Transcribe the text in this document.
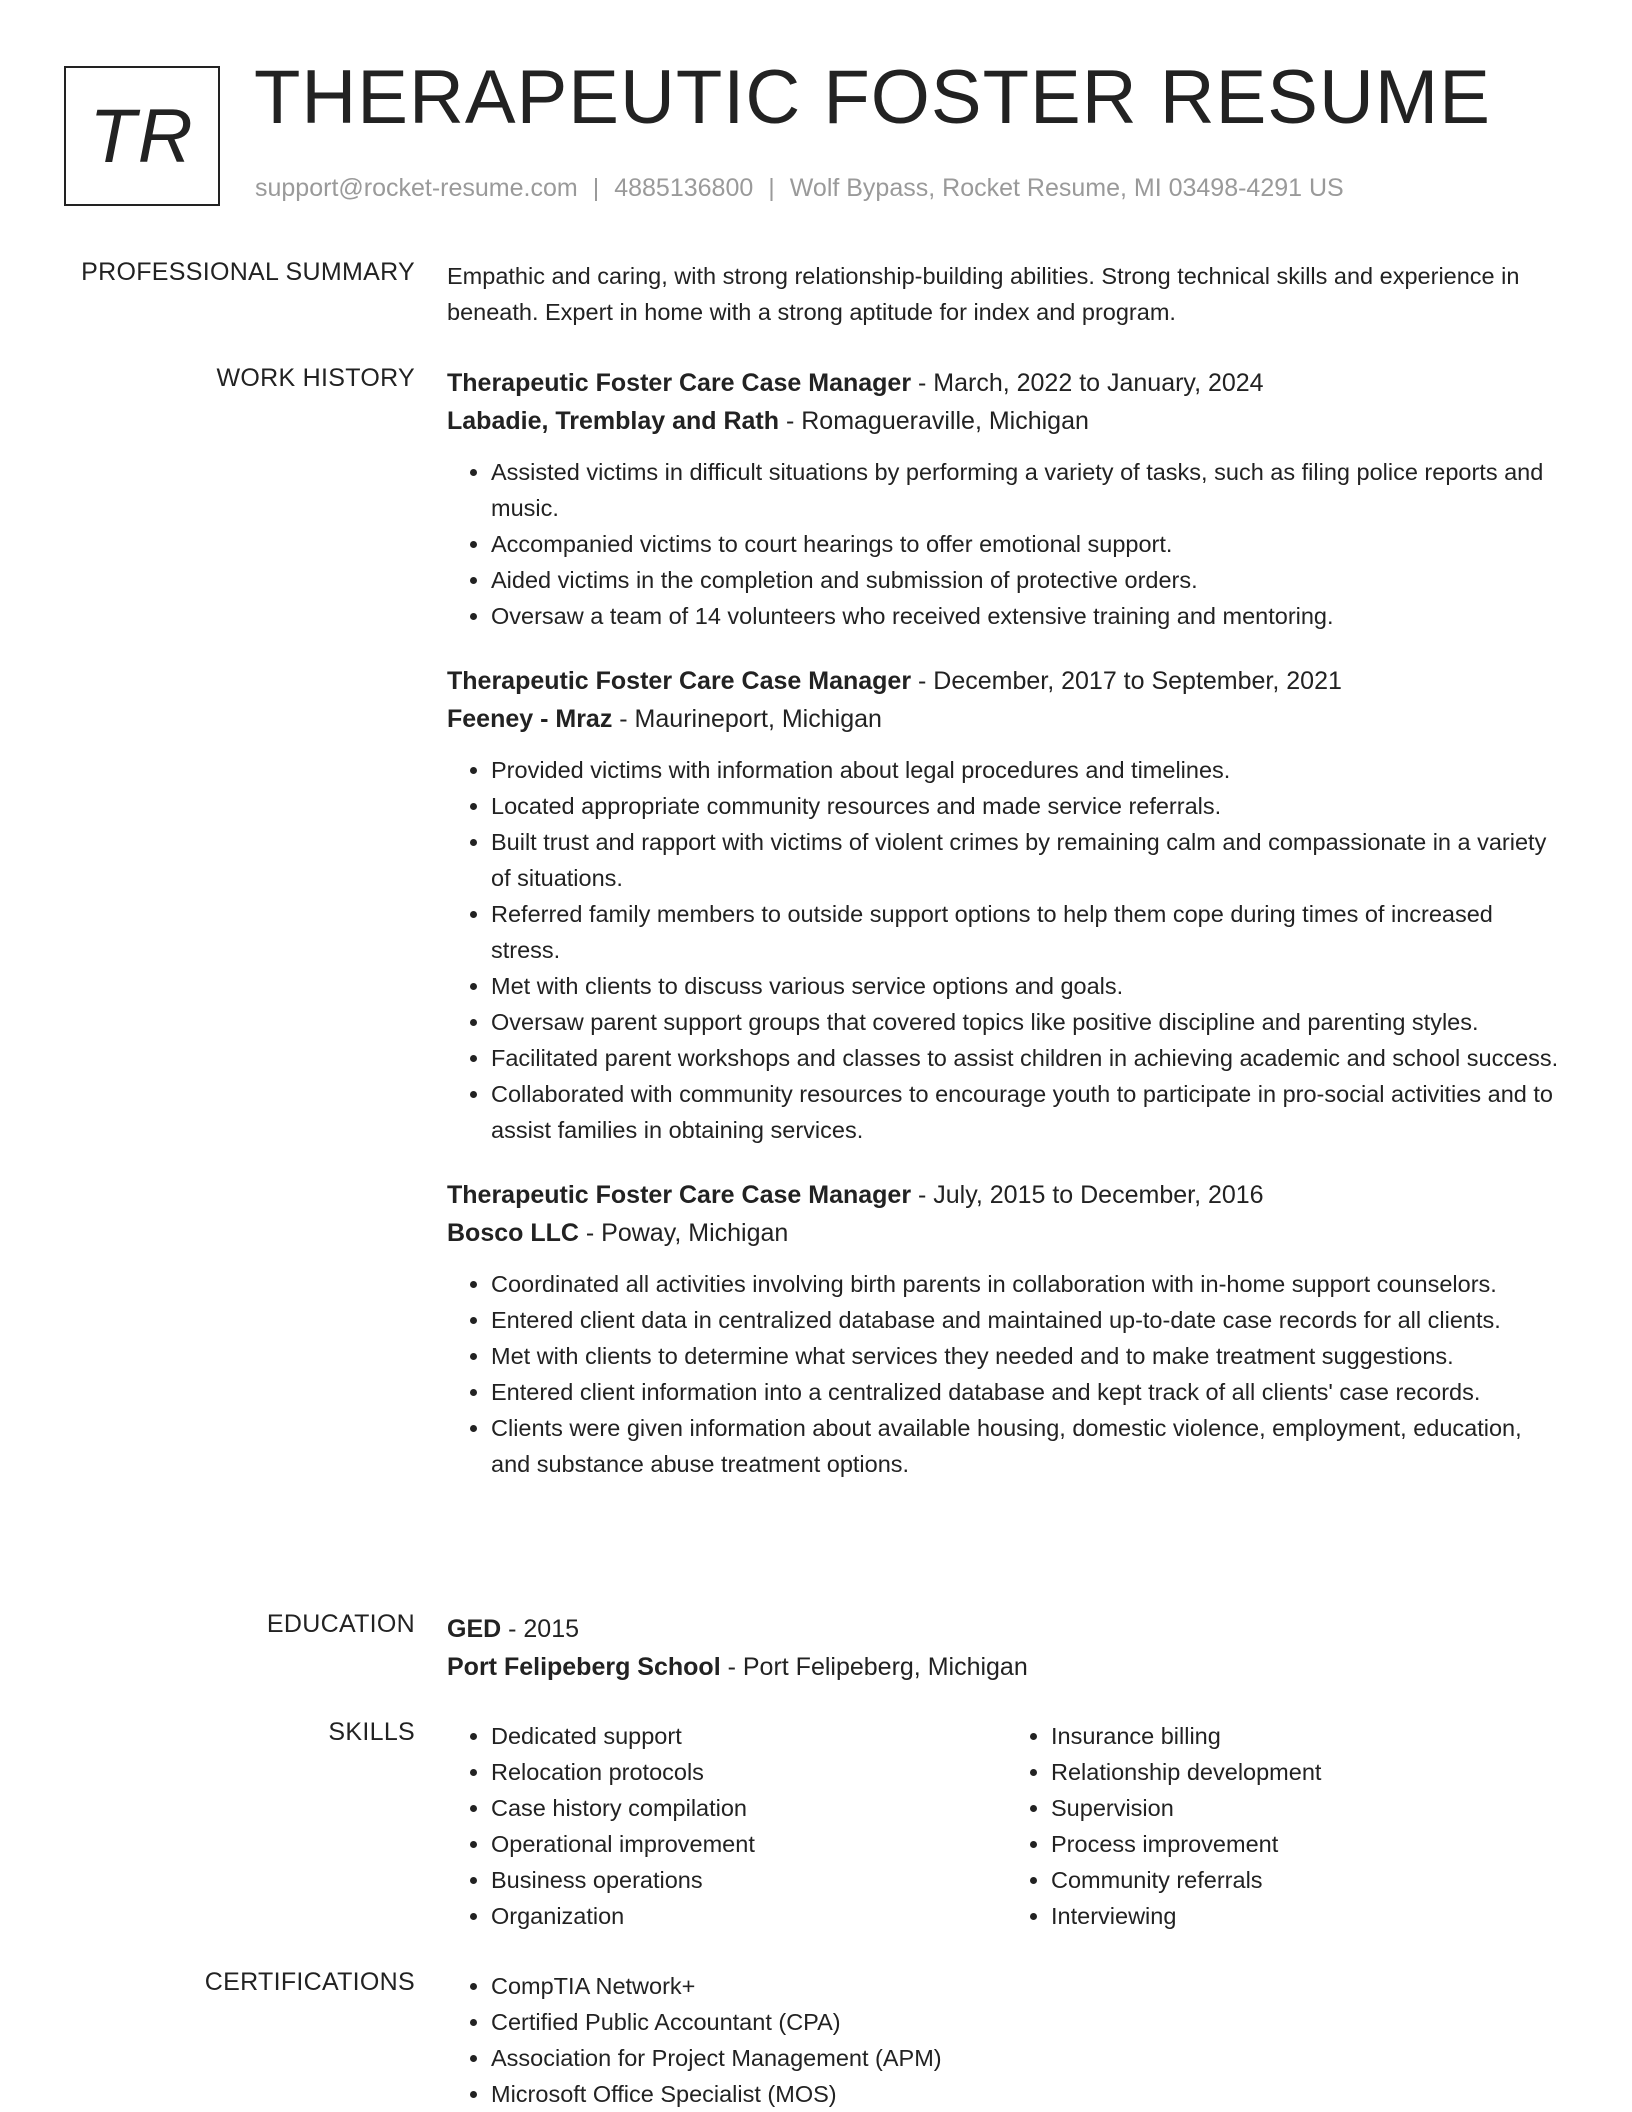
TR THERAPEUTIC FOSTER RESUME
support@rocket-resume.com | 4885136800 | Wolf Bypass, Rocket Resume, MI 03498-4291 US
PROFESSIONAL SUMMARY Empathic and caring, with strong relationship-building abilities. Strong technical skills and experience in beneath. Expert in home with a strong aptitude for index and program.
WORK HISTORY Therapeutic Foster Care Case Manager - March, 2022 to January, 2024
Labadie, Tremblay and Rath - Romagueraville, Michigan
• Assisted victims in difficult situations by performing a variety of tasks, such as filing police reports and music.
• Accompanied victims to court hearings to offer emotional support.
• Aided victims in the completion and submission of protective orders.
• Oversaw a team of 14 volunteers who received extensive training and mentoring.
Therapeutic Foster Care Case Manager - December, 2017 to September, 2021
Feeney - Mraz - Maurineport, Michigan
• Provided victims with information about legal procedures and timelines.
• Located appropriate community resources and made service referrals.
• Built trust and rapport with victims of violent crimes by remaining calm and compassionate in a variety of situations.
• Referred family members to outside support options to help them cope during times of increased stress.
• Met with clients to discuss various service options and goals.
• Oversaw parent support groups that covered topics like positive discipline and parenting styles.
• Facilitated parent workshops and classes to assist children in achieving academic and school success.
• Collaborated with community resources to encourage youth to participate in pro-social activities and to assist families in obtaining services.
Therapeutic Foster Care Case Manager - July, 2015 to December, 2016
Bosco LLC - Poway, Michigan
• Coordinated all activities involving birth parents in collaboration with in-home support counselors.
• Entered client data in centralized database and maintained up-to-date case records for all clients.
• Met with clients to determine what services they needed and to make treatment suggestions.
• Entered client information into a centralized database and kept track of all clients' case records.
• Clients were given information about available housing, domestic violence, employment, education, and substance abuse treatment options.
EDUCATION GED - 2015
Port Felipeberg School - Port Felipeberg, Michigan
SKILLS	• Dedicated support
• Relocation protocols
• Case history compilation
• Operational improvement
• Business operations
• Organization
• Insurance billing
• Relationship development
• Supervision
• Process improvement
• Community referrals
• Interviewing
CERTIFICATIONS	• CompTIA Network+
• Certified Public Accountant (CPA)
• Association for Project Management (APM)
• Microsoft Office Specialist (MOS)
